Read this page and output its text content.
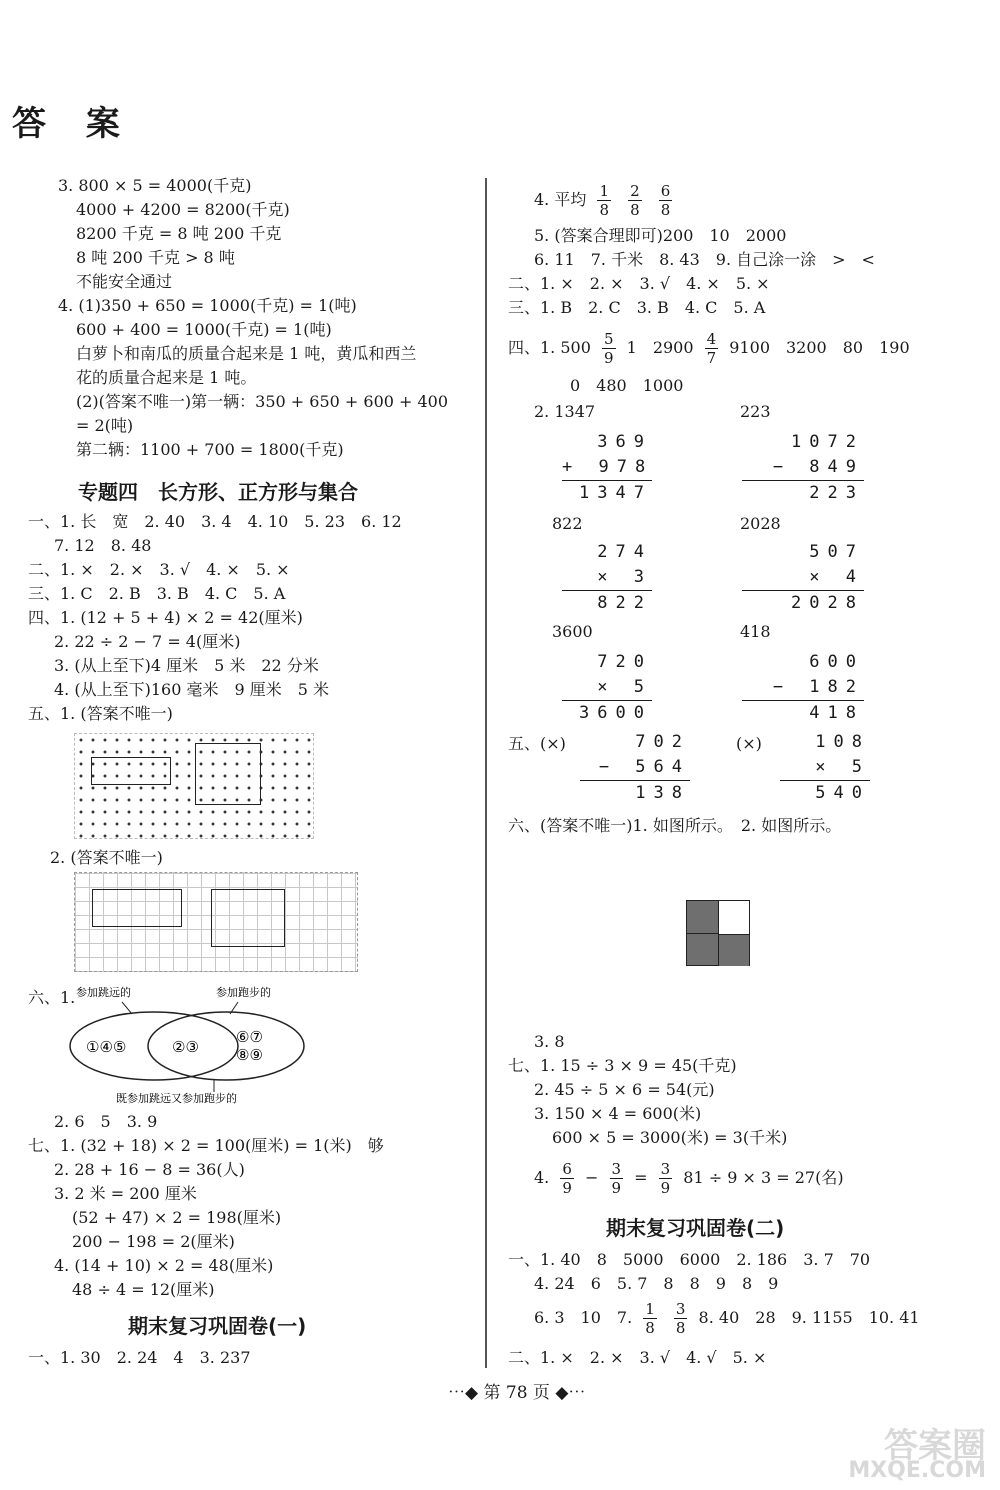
答 案
3. 800 × 5 = 4000(千克)
4000 + 4200 = 8200(千克)
8200 千克 = 8 吨 200 千克
8 吨 200 千克 > 8 吨
不能安全通过
4. (1)350 + 650 = 1000(千克) = 1(吨)
600 + 400 = 1000(千克) = 1(吨)
白萝卜和南瓜的质量合起来是 1 吨，黄瓜和西兰
花的质量合起来是 1 吨。
(2)(答案不唯一)第一辆：350 + 650 + 600 + 400
= 2(吨)
第二辆：1100 + 700 = 1800(千克)
专题四　长方形、正方形与集合
一、1. 长　宽　2. 40　3. 4　4. 10　5. 23　6. 12
7. 12　8. 48
二、1. ×　2. ×　3. √　4. ×　5. ×
三、1. C　2. B　3. B　4. C　5. A
四、1. (12 + 5 + 4) × 2 = 42(厘米)
2. 22 ÷ 2 − 7 = 4(厘米)
3. (从上至下)4 厘米　5 米　22 分米
4. (从上至下)160 毫米　9 厘米　5 米
五、1. (答案不唯一)
2. (答案不唯一)
六、1. 参加跳远的	参加跑步的
①④⑤	②③
⑥⑦
⑧⑨
既参加跳远又参加跑步的
2. 6　5　3. 9
七、1. (32 + 18) × 2 = 100(厘米) = 1(米)　够
2. 28 + 16 − 8 = 36(人)
3. 2 米 = 200 厘米
(52 + 47) × 2 = 198(厘米)
200 − 198 = 2(厘米)
4. (14 + 10) × 2 = 48(厘米)
48 ÷ 4 = 12(厘米)
期末复习巩固卷(一)
一、1. 30　2. 24　4　3. 237
4. 平均 $\frac{1}{8}$
$\frac{2}{8}$
$\frac{6}{8}$
5. (答案合理即可)200　10　2000
6. 11　7. 千米　8. 43　9. 自己涂一涂　>　<
二、1. ×　2. ×　3. √　4. ×　5. ×
三、1. B　2. C　3. B　4. C　5. A
四、1. $500 \frac{5}{9} 1$　$2900 \frac{4}{7} 9100$　3200　80　190
0　480　1000
2. 1347	223
369
+ 978
1347
1072
− 849
223
822	2028
274
× 3
822
507
× 4
2028
3600	418
720
× 5
3600
600
− 182
418
五、(×)	(×)
702
− 564
138
108
× 5
540
六、(答案不唯一)1. 如图所示。　2. 如图所示。
3. 8
七、1. 15 ÷ 3 × 9 = 45(千克)
2. 45 ÷ 5 × 6 = 54(元)
3. 150 × 4 = 600(米)
600 × 5 = 3000(米) = 3(千米)
4. $\frac{6}{9} - \frac{3}{9} = \frac{3}{9} 81 \div 9 \times 3 = 27$(名)
期末复习巩固卷(二)
一、1. 40　8　5000　6000　2. 186　3. 7　70
4. 24　6　5. 7　8　8　9　8　9
6. 3　10　7. $\frac{1}{8}$
$\frac{3}{8} 8$. 40　28　9. 1155　10. 41
二、1. ×　2. ×　3. √　4. √　5. ×
⋯◆ 第 78 页 ◆⋯
答案圈
MXQE.COM
